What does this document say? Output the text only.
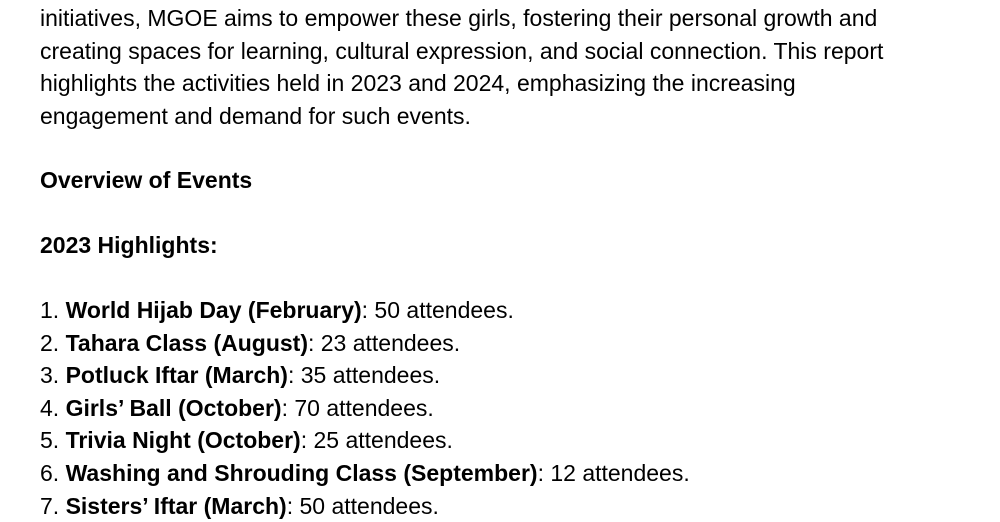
initiatives, MGOE aims to empower these girls, fostering their personal growth and
creating spaces for learning, cultural expression, and social connection. This report
highlights the activities held in 2023 and 2024, emphasizing the increasing
engagement and demand for such events.

Overview of Events
2023 Highlights:
1. World Hijab Day (February): 50 attendees.
2. Tahara Class (August): 23 attendees.
3. Potluck Iftar (March): 35 attendees.
4. Girls’ Ball (October): 70 attendees.
5. Trivia Night (October): 25 attendees.
6. Washing and Shrouding Class (September): 12 attendees.
7. Sisters’ Iftar (March): 50 attendees.
